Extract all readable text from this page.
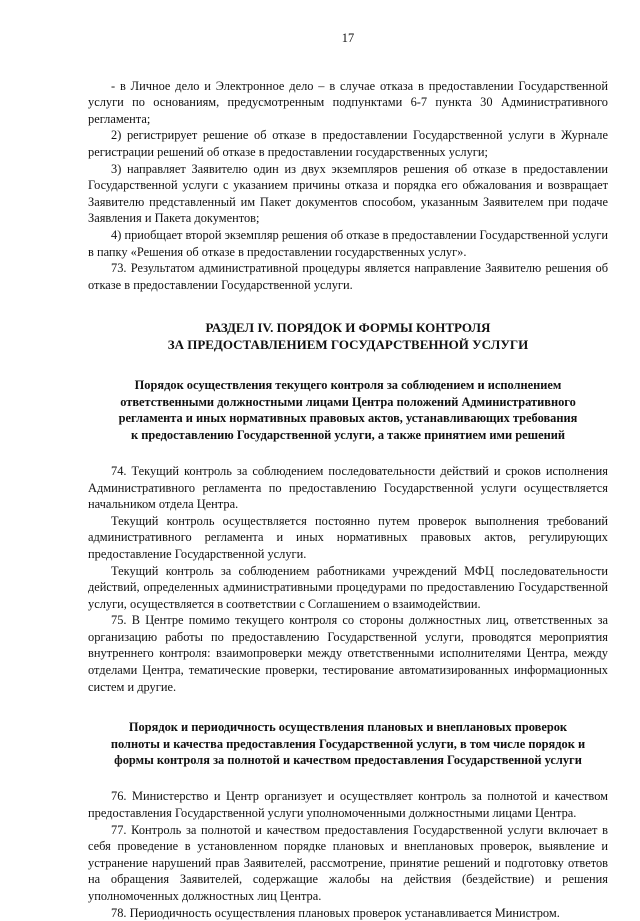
17

- в Личное дело и Электронное дело – в случае отказа в предоставлении Государственной услуги по основаниям, предусмотренным подпунктами 6-7 пункта 30 Административного регламента;

2) регистрирует решение об отказе в предоставлении Государственной услуги в Журнале регистрации решений об отказе в предоставлении государственных услуги;

3) направляет Заявителю один из двух экземпляров решения об отказе в предоставлении Государственной услуги с указанием причины отказа и порядка его обжалования и возвращает Заявителю представленный им Пакет документов способом, указанным Заявителем при подаче Заявления и Пакета документов;

4) приобщает второй экземпляр решения об отказе в предоставлении Государственной услуги в папку «Решения об отказе в предоставлении государственных услуг».

73. Результатом административной процедуры является направление Заявителю решения об отказе в предоставлении Государственной услуги.

РАЗДЕЛ IV. ПОРЯДОК И ФОРМЫ КОНТРОЛЯ
ЗА ПРЕДОСТАВЛЕНИЕМ ГОСУДАРСТВЕННОЙ УСЛУГИ
Порядок осуществления текущего контроля за соблюдением и исполнением
ответственными должностными лицами Центра положений Административного
регламента и иных нормативных правовых актов, устанавливающих требования
к предоставлению Государственной услуги, а также принятием ими решений

74. Текущий контроль за соблюдением последовательности действий и сроков исполнения Административного регламента по предоставлению Государственной услуги осуществляется начальником отдела Центра.

Текущий контроль осуществляется постоянно путем проверок выполнения требований административного регламента и иных нормативных правовых актов, регулирующих предоставление Государственной услуги.

Текущий контроль за соблюдением работниками учреждений МФЦ последовательности действий, определенных административными процедурами по предоставлению Государственной услуги, осуществляется в соответствии с Соглашением о взаимодействии.

75. В Центре помимо текущего контроля со стороны должностных лиц, ответственных за организацию работы по предоставлению Государственной услуги, проводятся мероприятия внутреннего контроля: взаимопроверки между ответственными исполнителями Центра, между отделами Центра, тематические проверки, тестирование автоматизированных информационных систем и другие.

Порядок и периодичность осуществления плановых и внеплановых проверок
полноты и качества предоставления Государственной услуги, в том числе порядок и
формы контроля за полнотой и качеством предоставления Государственной услуги

76. Министерство и Центр организует и осуществляет контроль за полнотой и качеством предоставления Государственной услуги уполномоченными должностными лицами Центра.

77. Контроль за полнотой и качеством предоставления Государственной услуги включает в себя проведение в установленном порядке плановых и внеплановых проверок, выявление и устранение нарушений прав Заявителей, рассмотрение, принятие решений и подготовку ответов на обращения Заявителей, содержащие жалобы на действия (бездействие) и решения уполномоченных должностных лиц Центра.

78. Периодичность осуществления плановых проверок устанавливается Министром.
